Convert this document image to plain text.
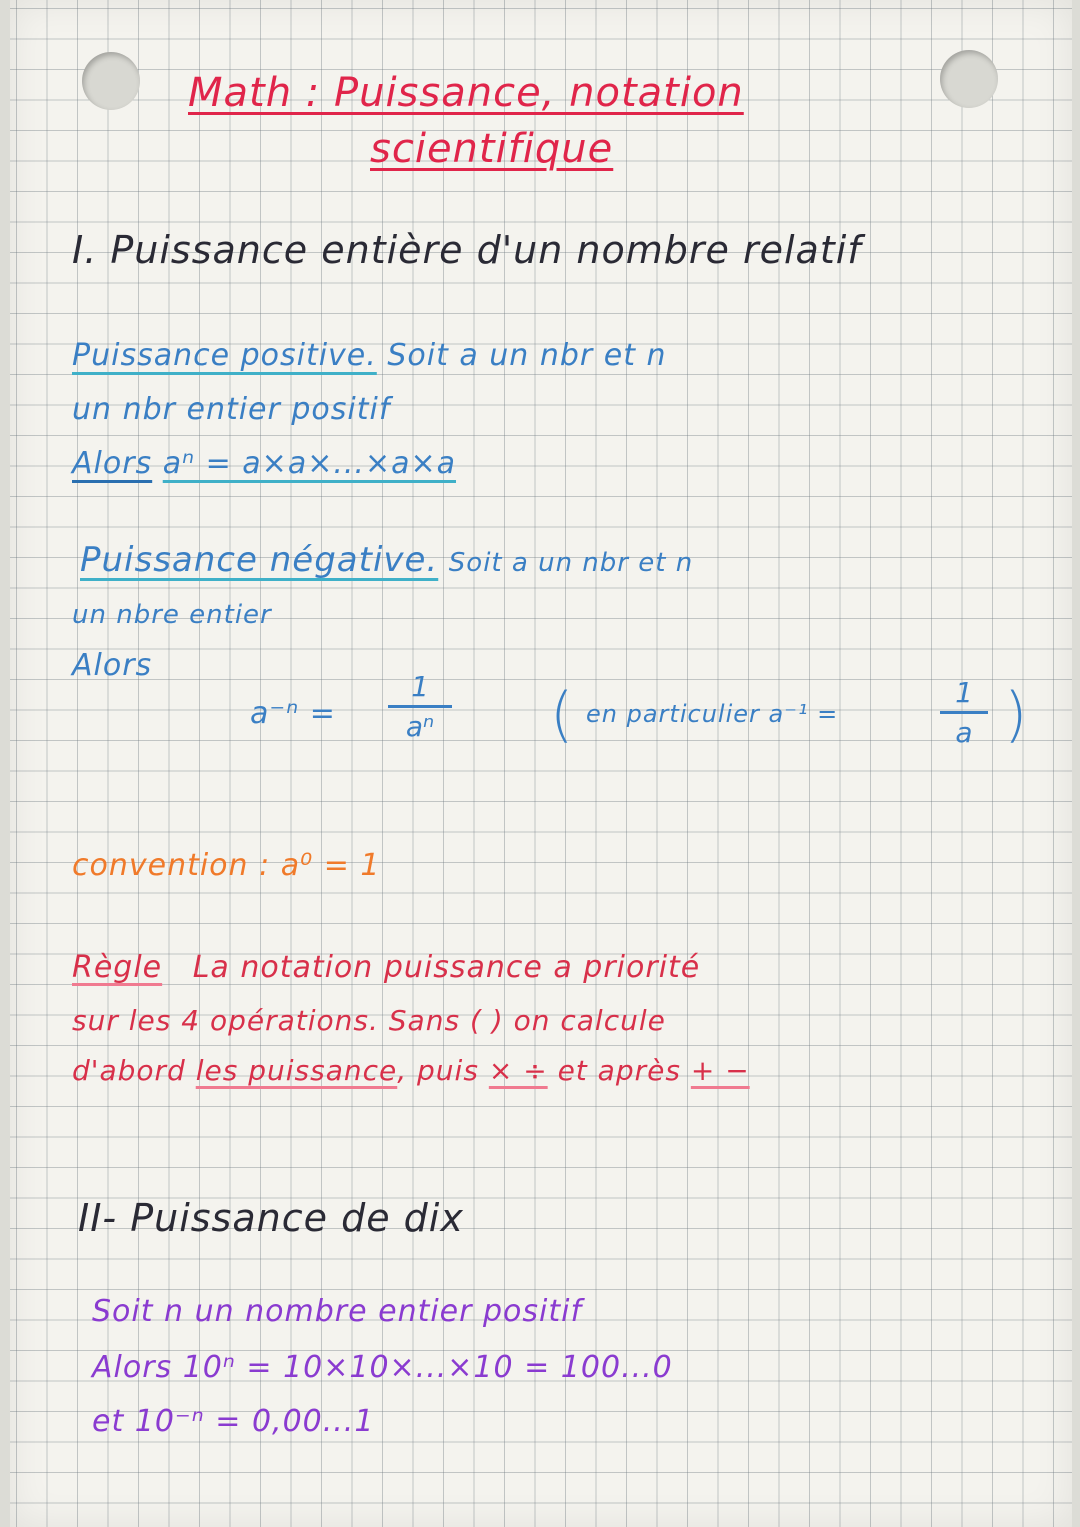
Math : Puissance, notation
scientifique
I. Puissance entière d'un nombre relatif
Puissance positive. Soit a un nbr et n
un nbr entier positif
Alors aⁿ = a×a×...×a×a
Puissance négative. Soit a un nbr et n
un nbre entier
Alors
a⁻ⁿ =
1
aⁿ ( en particulier a⁻¹ =
1
a )
convention : a⁰ = 1
Règle La notation puissance a priorité
sur les 4 opérations. Sans ( ) on calcule
d'abord les puissance, puis × ÷ et après + −
II- Puissance de dix
Soit n un nombre entier positif
Alors 10ⁿ = 10×10×...×10 = 100...0
et 10⁻ⁿ = 0,00...1
